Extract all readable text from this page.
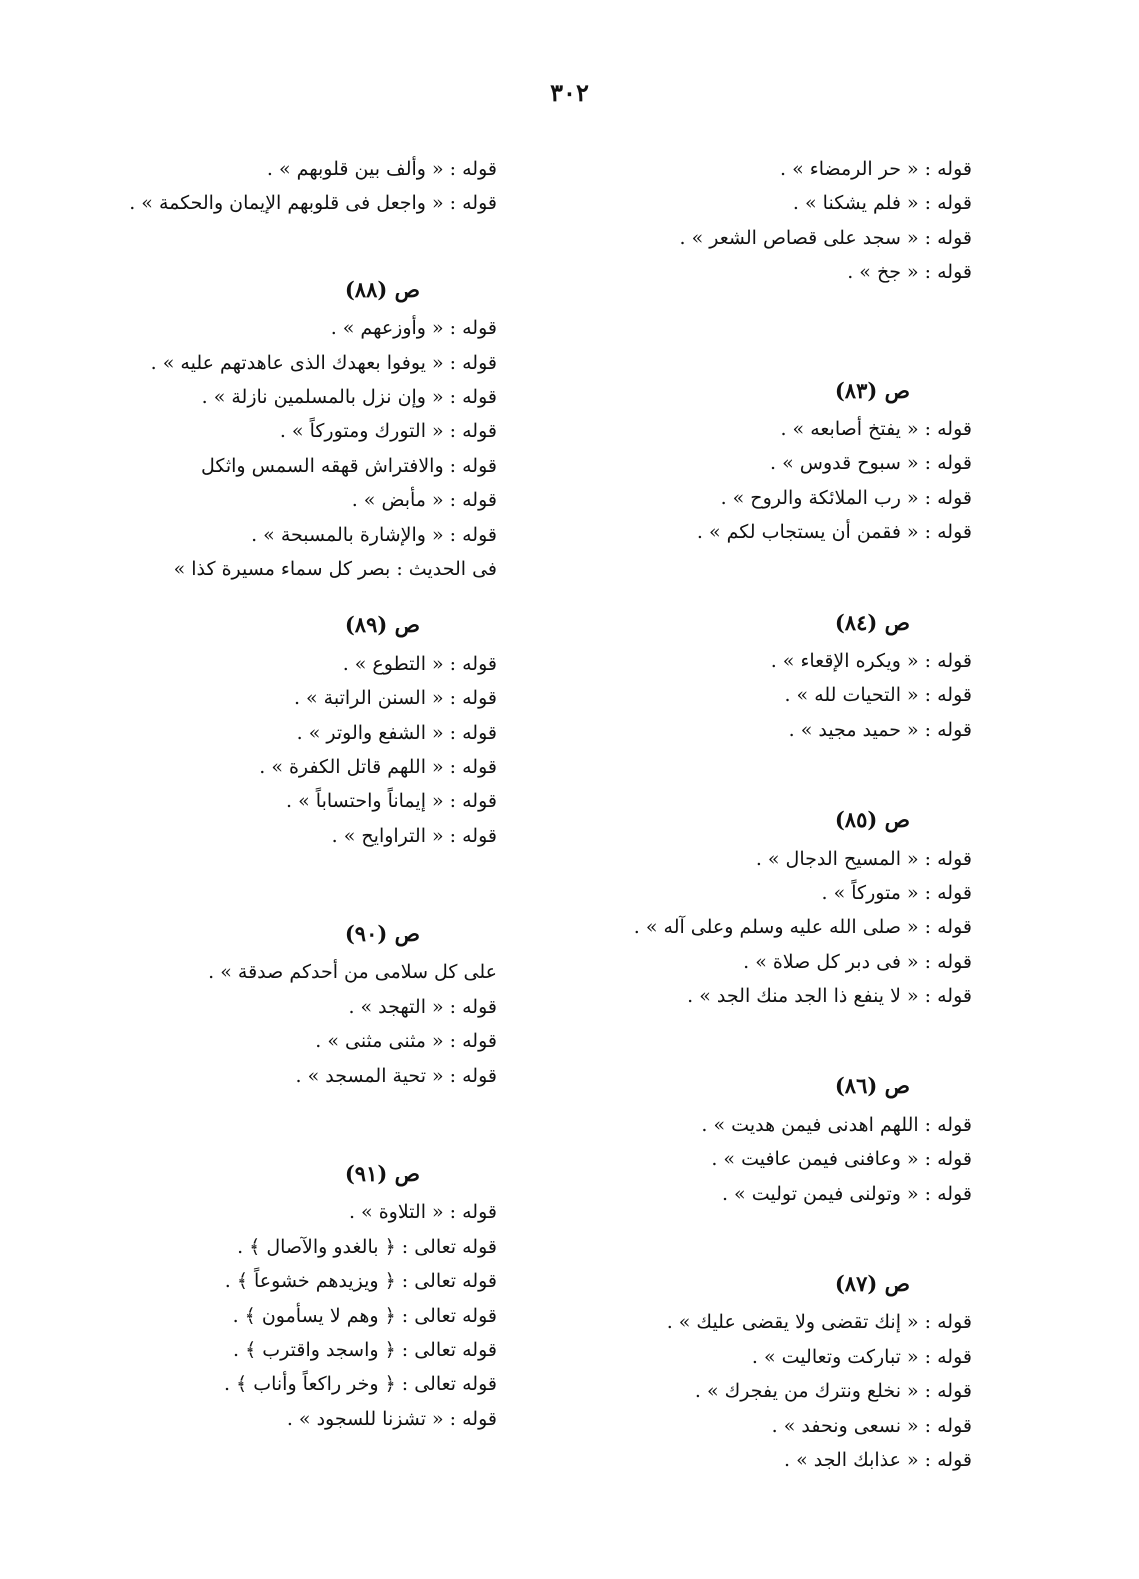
٣٠٢
قوله : « حر الرمضاء » .
قوله : « فلم يشكنا » .
قوله : « سجد على قصاص الشعر » .
قوله : « جخ » .
ص (٨٣)
قوله : « يفتخ أصابعه » .
قوله : « سبوح قدوس » .
قوله : « رب الملائكة والروح » .
قوله : « فقمن أن يستجاب لكم » .
ص (٨٤)
قوله : « ويكره الإقعاء » .
قوله : « التحيات لله » .
قوله : « حميد مجيد » .
ص (٨٥)
قوله : « المسيح الدجال » .
قوله : « متوركاً » .
قوله : « صلى الله عليه وسلم وعلى آله » .
قوله : « فى دبر كل صلاة » .
قوله : « لا ينفع ذا الجد منك الجد » .
ص (٨٦)
قوله : اللهم اهدنى فيمن هديت » .
قوله : « وعافنى فيمن عافيت » .
قوله : « وتولنى فيمن توليت » .
ص (٨٧)
قوله : « إنك تقضى ولا يقضى عليك » .
قوله : « تباركت وتعاليت » .
قوله : « نخلع ونترك من يفجرك » .
قوله : « نسعى ونحفد » .
قوله : « عذابك الجد » .
قوله : « وألف بين قلوبهم » .
قوله : « واجعل فى قلوبهم الإيمان والحكمة » .
ص (٨٨)
قوله : « وأوزعهم » .
قوله : « يوفوا بعهدك الذى عاهدتهم عليه » .
قوله : « وإن نزل بالمسلمين نازلة » .
قوله : « التورك ومتوركاً » .
قوله : والافتراش قهقه السمس واثكل
قوله : « مأبض » .
قوله : « والإشارة بالمسبحة » .
فى الحديث : بصر كل سماء مسيرة كذا »
ص (٨٩)
قوله : « التطوع » .
قوله : « السنن الراتبة » .
قوله : « الشفع والوتر » .
قوله : « اللهم قاتل الكفرة » .
قوله : « إيماناً واحتساباً » .
قوله : « التراوايح » .
ص (٩٠)
على كل سلامى من أحدكم صدقة » .
قوله : « التهجد » .
قوله : « مثنى مثنى » .
قوله : « تحية المسجد » .
ص (٩١)
قوله : « التلاوة » .
قوله تعالى : ﴿ بالغدو والآصال ﴾ .
قوله تعالى : ﴿ ويزيدهم خشوعاً ﴾ .
قوله تعالى : ﴿ وهم لا يسأمون ﴾ .
قوله تعالى : ﴿ واسجد واقترب ﴾ .
قوله تعالى : ﴿ وخر راكعاً وأناب ﴾ .
قوله : « تشزنا للسجود » .
